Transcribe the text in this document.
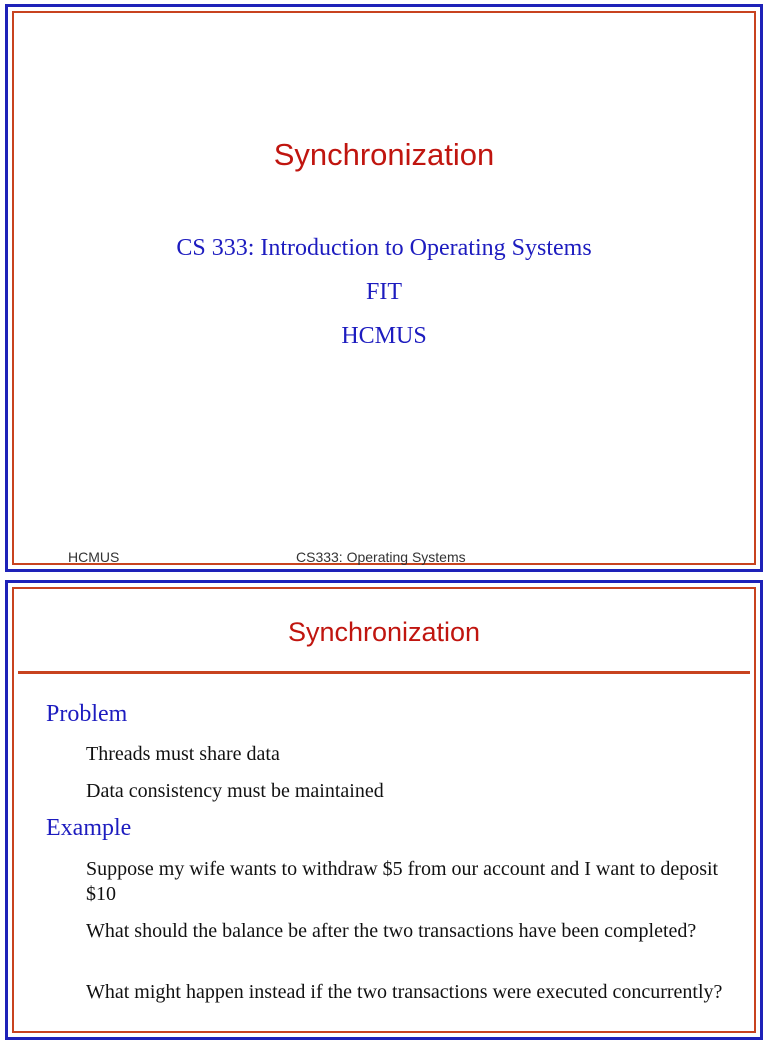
Synchronization
CS 333: Introduction to Operating Systems
FIT
HCMUS
HCMUS	CS333: Operating Systems
Synchronization
Problem
Threads must share data
Data consistency must be maintained
Example
Suppose my wife wants to withdraw $5 from our account and I want to deposit $10
What should the balance be after the two transactions have been completed?
What might happen instead if the two transactions were executed concurrently?
